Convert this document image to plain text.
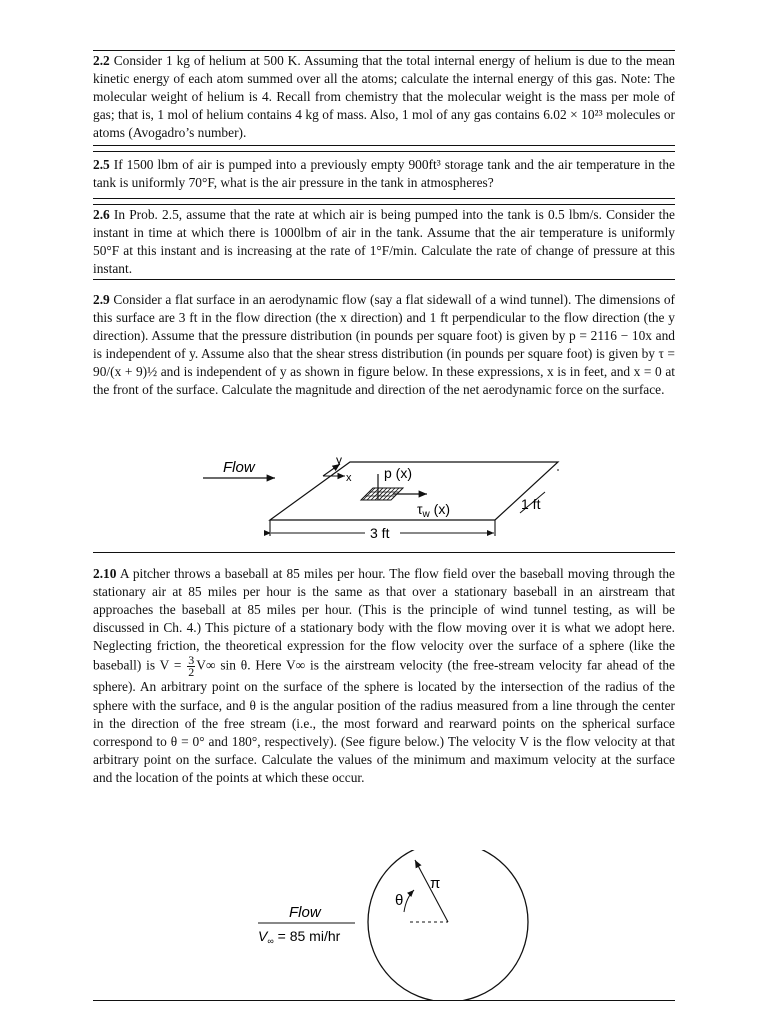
2.2 Consider 1 kg of helium at 500 K. Assuming that the total internal energy of helium is due to the mean kinetic energy of each atom summed over all the atoms; calculate the internal energy of this gas. Note: The molecular weight of helium is 4. Recall from chemistry that the molecular weight is the mass per mole of gas; that is, 1 mol of helium contains 4 kg of mass. Also, 1 mol of any gas contains 6.02 × 10²³ molecules or atoms (Avogadro’s number).
2.5 If 1500 lbm of air is pumped into a previously empty 900ft³ storage tank and the air temperature in the tank is uniformly 70°F, what is the air pressure in the tank in atmospheres?
2.6 In Prob. 2.5, assume that the rate at which air is being pumped into the tank is 0.5 lbm/s. Consider the instant in time at which there is 1000lbm of air in the tank. Assume that the air temperature is uniformly 50°F at this instant and is increasing at the rate of 1°F/min. Calculate the rate of change of pressure at this instant.
2.9 Consider a flat surface in an aerodynamic flow (say a flat sidewall of a wind tunnel). The dimensions of this surface are 3 ft in the flow direction (the x direction) and 1 ft perpendicular to the flow direction (the y direction). Assume that the pressure distribution (in pounds per square foot) is given by p = 2116 − 10x and is independent of y. Assume also that the shear stress distribution (in pounds per square foot) is given by τ = 90/(x + 9)½ and is independent of y as shown in figure below. In these expressions, x is in feet, and x = 0 at the front of the surface. Calculate the magnitude and direction of the net aerodynamic force on the surface.
Flow	y
x p (x)
$\tau_w$ (x)	1 ft
3 ft
2.10 A pitcher throws a baseball at 85 miles per hour. The flow field over the baseball moving through the stationary air at 85 miles per hour is the same as that over a stationary baseball in an airstream that approaches the baseball at 85 miles per hour. (This is the principle of wind tunnel testing, as will be discussed in Ch. 4.) This picture of a stationary body with the flow moving over it is what we adopt here. Neglecting friction, the theoretical expression for the flow velocity over the surface of a sphere (like the baseball) is $V = \frac{3}{2} V\infty$ sin θ. Here V∞ is the airstream velocity (the free-stream velocity far ahead of the sphere). An arbitrary point on the surface of the sphere is located by the intersection of the radius of the sphere with the surface, and θ is the angular position of the radius measured from a line through the center in the direction of the free stream (i.e., the most forward and rearward points on the spherical surface correspond to θ = 0° and 180°, respectively). (See figure below.) The velocity V is the flow velocity at that arbitrary point on the surface. Calculate the values of the minimum and maximum velocity at the surface and the location of the points at which these occur.
θ
π
Flow
$V_\infty = 85$ mi/hr
